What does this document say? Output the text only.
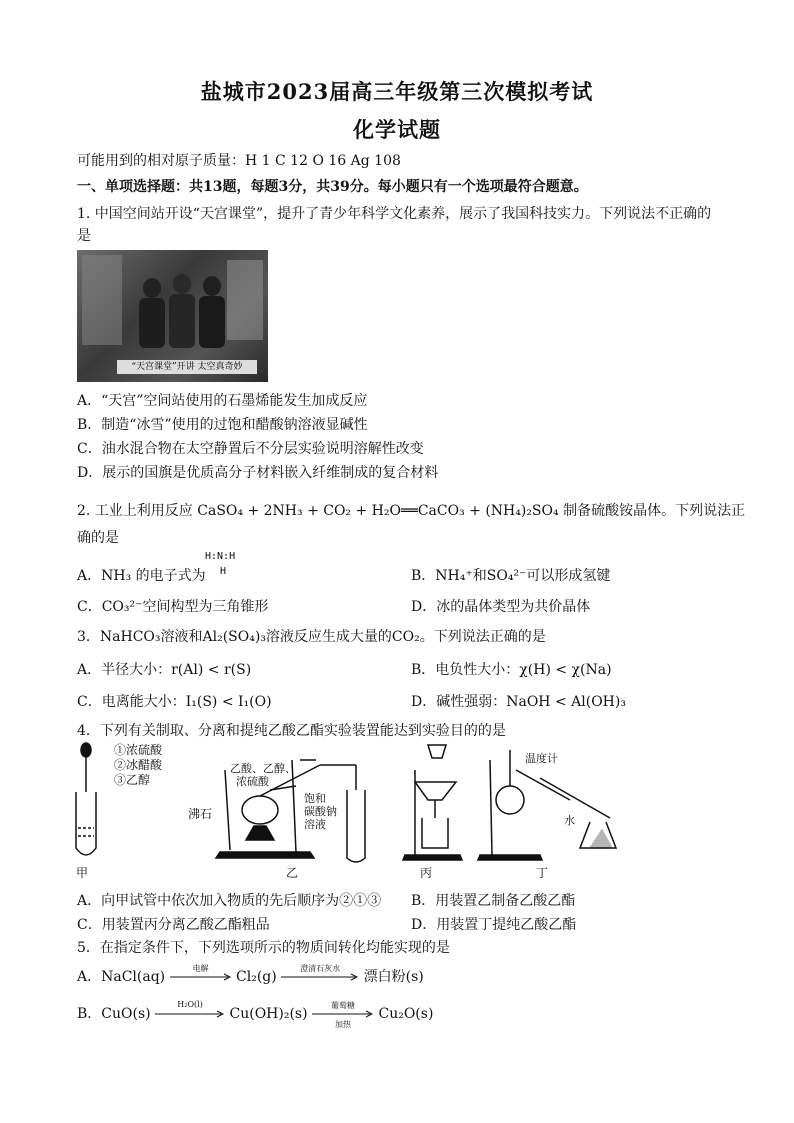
盐城市2023届高三年级第三次模拟考试
化学试题
可能用到的相对原子质量：H 1 C 12 O 16 Ag 108
一、单项选择题：共13题，每题3分，共39分。每小题只有一个选项最符合题意。
1. 中国空间站开设“天宫课堂”，提升了青少年科学文化素养，展示了我国科技实力。下列说法不正确的
是
“天宫课堂”开讲 太空真奇妙
A．“天宫”空间站使用的石墨烯能发生加成反应
B．制造“冰雪”使用的过饱和醋酸钠溶液显碱性
C．油水混合物在太空静置后不分层实验说明溶解性改变
D．展示的国旗是优质高分子材料嵌入纤维制成的复合材料
2. 工业上利用反应 CaSO₄ + 2NH₃ + CO₂ + H₂O══CaCO₃ + (NH₄)₂SO₄ 制备硫酸铵晶体。下列说法正
确的是
A．NH₃ 的电子式为
H:N:H
H	B．NH₄⁺和SO₄²⁻可以形成氢键
C．CO₃²⁻空间构型为三角锥形	D．冰的晶体类型为共价晶体
3．NaHCO₃溶液和Al₂(SO₄)₃溶液反应生成大量的CO₂。下列说法正确的是
A．半径大小：r(Al) < r(S)	B．电负性大小：χ(H) < χ(Na)
C．电离能大小：I₁(S) < I₁(O)	D．碱性强弱：NaOH < Al(OH)₃
4．下列有关制取、分离和提纯乙酸乙酯实验装置能达到实验目的的是
①浓硫酸
②冰醋酸
③乙醇
乙酸、乙醇、
浓硫酸
饱和
碳酸钠
溶液
沸石
温度计
水
甲	乙	丙	丁
A．向甲试管中依次加入物质的先后顺序为②①③ B．用装置乙制备乙酸乙酯
C．用装置丙分离乙酸乙酯粗品	D．用装置丁提纯乙酸乙酯
5．在指定条件下，下列选项所示的物质间转化均能实现的是
A．NaCl(aq)
电解
Cl₂(g)
澄清石灰水
漂白粉(s)
B．CuO(s)
H₂O(l)
Cu(OH)₂(s)
葡萄糖
加热
Cu₂O(s)
